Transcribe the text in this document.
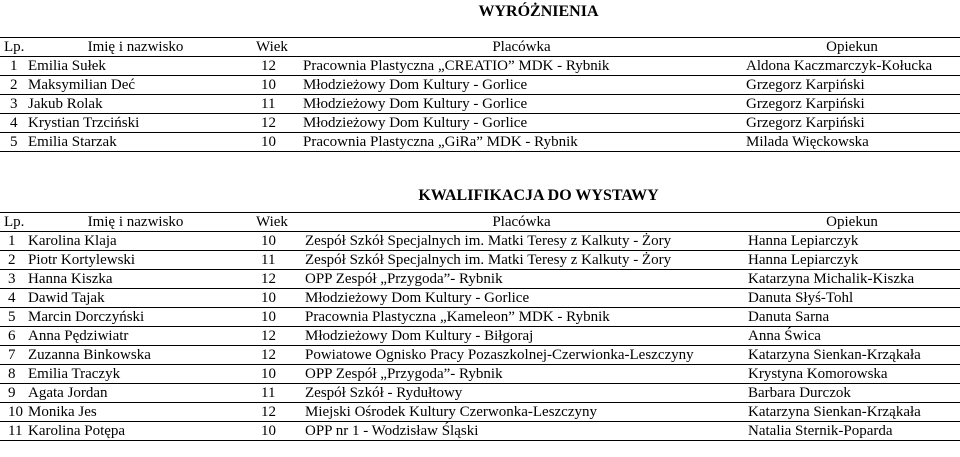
WYRÓŻNIENIA
Lp.	Imię i nazwisko	Wiek	Placówka	Opiekun
1	Emilia Sułek	12	Pracownia Plastyczna „CREATIO” MDK - Rybnik	Aldona Kaczmarczyk-Kołucka
2	Maksymilian Deć	10	Młodzieżowy Dom Kultury - Gorlice	Grzegorz Karpiński
3	Jakub Rolak	11	Młodzieżowy Dom Kultury - Gorlice	Grzegorz Karpiński
4	Krystian Trzciński	12	Młodzieżowy Dom Kultury - Gorlice	Grzegorz Karpiński
5	Emilia Starzak	10	Pracownia Plastyczna „GiRa” MDK - Rybnik	Milada Więckowska
KWALIFIKACJA DO WYSTAWY
Lp.	Imię i nazwisko	Wiek	Placówka	Opiekun
1	Karolina Klaja	10	Zespół Szkół Specjalnych im. Matki Teresy z Kalkuty - Żory	Hanna Lepiarczyk
2	Piotr Kortylewski	11	Zespół Szkół Specjalnych im. Matki Teresy z Kalkuty - Żory	Hanna Lepiarczyk
3	Hanna Kiszka	12	OPP Zespół „Przygoda”- Rybnik	Katarzyna Michalik-Kiszka
4	Dawid Tajak	10	Młodzieżowy Dom Kultury - Gorlice	Danuta Słyś-Tohl
5	Marcin Dorczyński	10	Pracownia Plastyczna „Kameleon” MDK - Rybnik	Danuta Sarna
6	Anna Pędziwiatr	12	Młodzieżowy Dom Kultury - Biłgoraj	Anna Świca
7	Zuzanna Binkowska	12	Powiatowe Ognisko Pracy Pozaszkolnej-Czerwionka-Leszczyny	Katarzyna Sienkan-Krząkała
8	Emilia Traczyk	10	OPP Zespół „Przygoda”- Rybnik	Krystyna Komorowska
9	Agata Jordan	11	Zespół Szkół - Rydułtowy	Barbara Durczok
10	Monika Jes	12	Miejski Ośrodek Kultury Czerwonka-Leszczyny	Katarzyna Sienkan-Krząkała
11	Karolina Potępa	10	OPP nr 1 - Wodzisław Śląski	Natalia Sternik-Poparda
